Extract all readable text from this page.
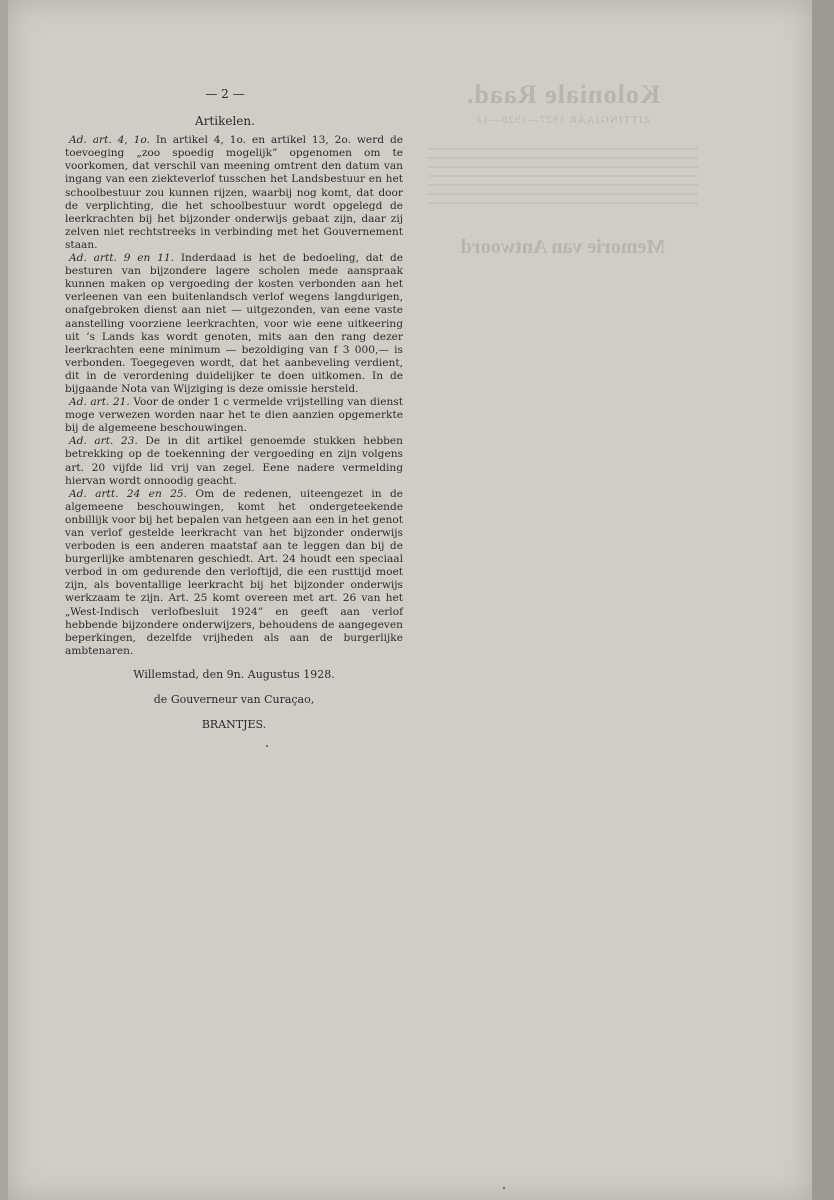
Koloniale Raad.
ZITTINGJAAR 1927—1928—14
Memorie van Antwoord
— 2 —
Artikelen.

Ad. art. 4, 1o. In artikel 4, 1o. en artikel 13, 2o. werd de toevoeging „zoo spoedig mogelijk” opgenomen om te voorkomen, dat verschil van meening omtrent den datum van ingang van een ziekteverlof tusschen het Landsbestuur en het schoolbestuur zou kunnen rijzen, waarbij nog komt, dat door de verplichting, die het schoolbestuur wordt opgelegd de leerkrachten bij het bijzonder onderwijs gebaat zijn, daar zij zelven niet rechtstreeks in verbinding met het Gouvernement staan.

Ad. artt. 9 en 11. Inderdaad is het de bedoeling, dat de besturen van bijzondere lagere scholen mede aanspraak kunnen maken op vergoeding der kosten verbonden aan het verleenen van een buitenlandsch verlof wegens langdurigen, onafgebroken dienst aan niet — uitgezonden, van eene vaste aanstelling voorziene leerkrachten, voor wie eene uitkeering uit ’s Lands kas wordt genoten, mits aan den rang dezer leerkrachten eene minimum — bezoldiging van f 3 000,— is verbonden. Toegegeven wordt, dat het aanbeveling verdient, dit in de verordening duidelijker te doen uitkomen. In de bijgaande Nota van Wijziging is deze omissie hersteld.

Ad. art. 21. Voor de onder 1 c vermelde vrijstelling van dienst moge verwezen worden naar het te dien aanzien opgemerkte bij de algemeene beschouwingen.

Ad. art. 23. De in dit artikel genoemde stukken hebben betrekking op de toekenning der vergoeding en zijn volgens art. 20 vijfde lid vrij van zegel. Eene nadere vermelding hiervan wordt onnoodig geacht.

Ad. artt. 24 en 25. Om de redenen, uiteengezet in de algemeene beschouwingen, komt het ondergeteekende onbillijk voor bij het bepalen van hetgeen aan een in het genot van verlof gestelde leerkracht van het bijzonder onderwijs verboden is een anderen maatstaf aan te leggen dan bij de burgerlijke ambtenaren geschiedt. Art. 24 houdt een speciaal verbod in om gedurende den verloftijd, die een rusttijd moet zijn, als boventallige leerkracht bij het bijzonder onderwijs werkzaam te zijn. Art. 25 komt overeen met art. 26 van het „West-Indisch verlofbesluit 1924” en geeft aan verlof hebbende bijzondere onderwijzers, behoudens de aangegeven beperkingen, dezelfde vrijheden als aan de burgerlijke ambtenaren.

Willemstad, den 9n. Augustus 1928.
de Gouverneur van Curaçao,
BRANTJES.
